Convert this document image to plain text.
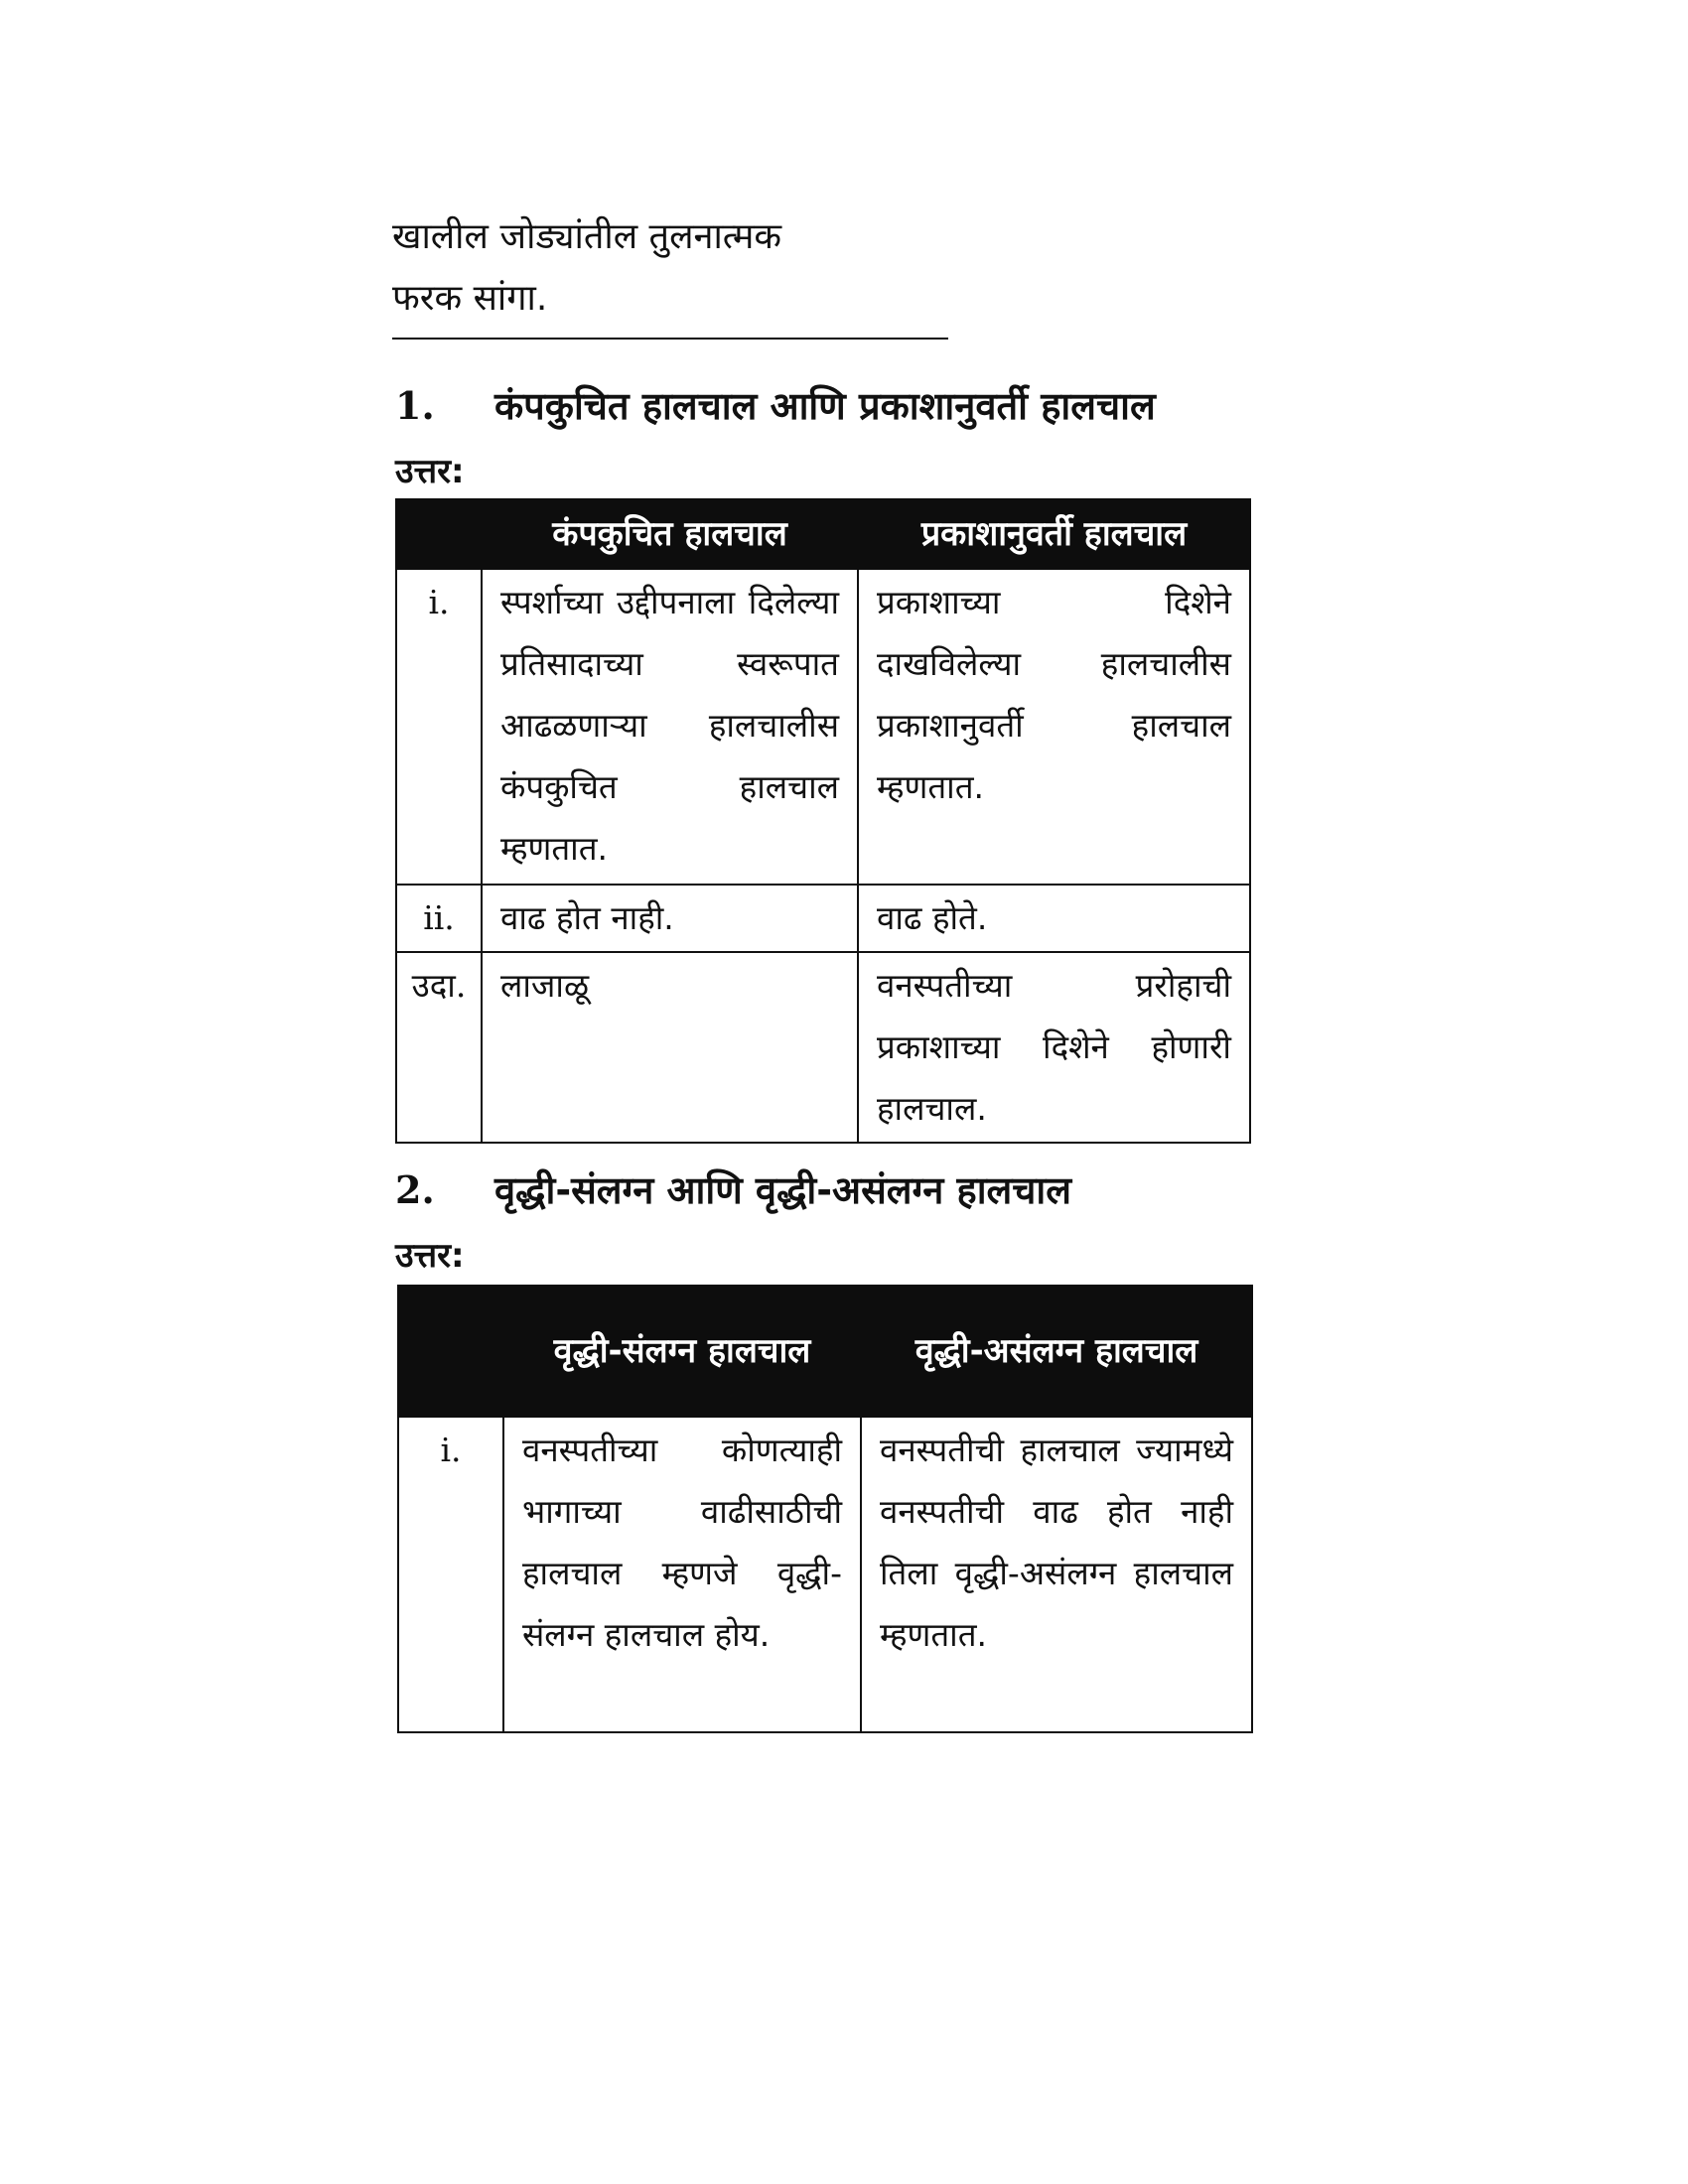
खालील जोड्यांतील तुलनात्मक
फरक सांगा.
1.	कंपकुचित हालचाल आणि प्रकाशानुवर्ती हालचाल
उत्तर:
	कंपकुचित हालचाल	प्रकाशानुवर्ती हालचाल
i.	स्पर्शाच्या उद्दीपनाला दिलेल्या प्रतिसादाच्या स्वरूपात आढळणाऱ्या हालचालीस कंपकुचित हालचाल म्हणतात.	प्रकाशाच्या दिशेने दाखविलेल्या हालचालीस प्रकाशानुवर्ती हालचाल म्हणतात.
ii.	वाढ होत नाही.	वाढ होते.
उदा.	लाजाळू	वनस्पतीच्या प्ररोहाची प्रकाशाच्या दिशेने होणारी हालचाल.
2.	वृद्धी-संलग्न आणि वृद्धी-असंलग्न हालचाल
उत्तर:
	वृद्धी-संलग्न हालचाल	वृद्धी-असंलग्न हालचाल
i.	वनस्पतीच्या कोणत्याही भागाच्या वाढीसाठीची हालचाल म्हणजे वृद्धी- संलग्न हालचाल होय.	वनस्पतीची हालचाल ज्यामध्ये वनस्पतीची वाढ होत नाही तिला वृद्धी-असंलग्न हालचाल म्हणतात.
